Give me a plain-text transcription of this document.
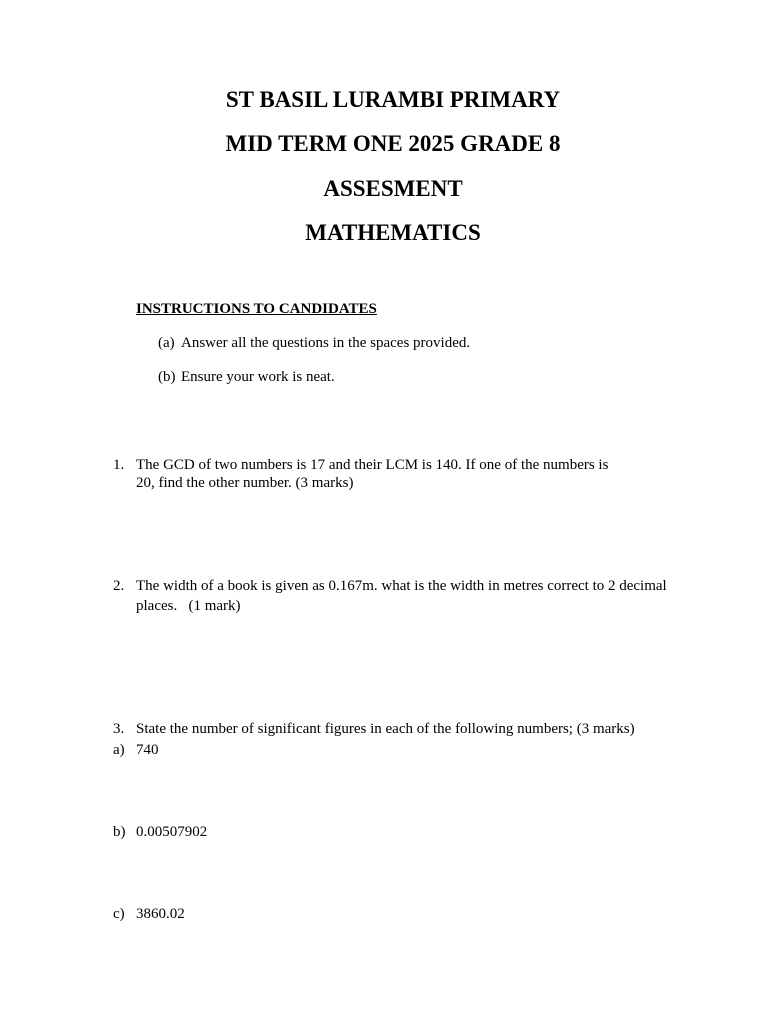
ST BASIL LURAMBI PRIMARY
MID TERM ONE 2025 GRADE 8
ASSESMENT
MATHEMATICS
INSTRUCTIONS TO CANDIDATES
(a) Answer all the questions in the spaces provided.
(b) Ensure your work is neat.
1. The GCD of two numbers is 17 and their LCM is 140. If one of the numbers is
20, find the other number. (3 marks)
2. The width of a book is given as 0.167m. what is the width in metres correct to 2 decimal
places.   (1 mark)
3. State the number of significant figures in each of the following numbers; (3 marks)
a) 740
b) 0.00507902
c) 3860.02
